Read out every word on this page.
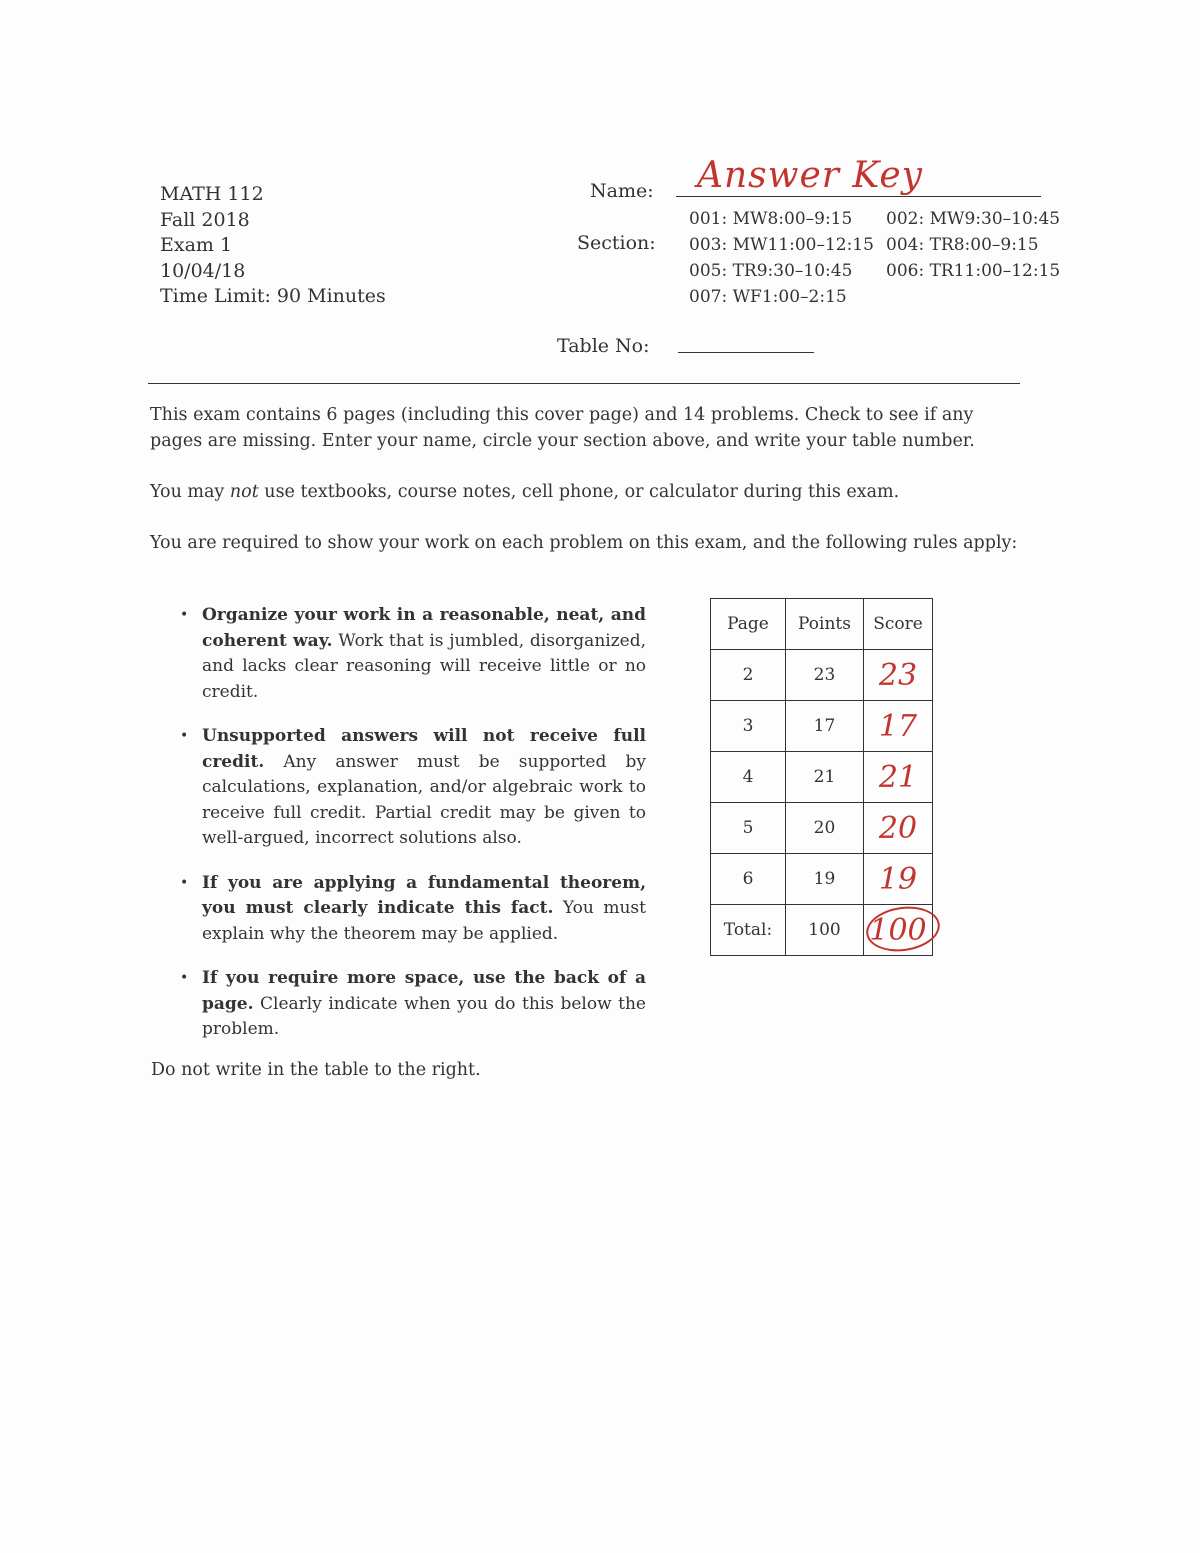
MATH 112
Fall 2018
Exam 1
10/04/18
Time Limit: 90 Minutes
Name: Answer Key
Section:
001: MW8:00–9:15 002: MW9:30–10:45
003: MW11:00–12:15 004: TR8:00–9:15
005: TR9:30–10:45 006: TR11:00–12:15
007: WF1:00–2:15
Table No:
This exam contains 6 pages (including this cover page) and 14 problems. Check to see if any pages are missing. Enter your name, circle your section above, and write your table number.
You may not use textbooks, course notes, cell phone, or calculator during this exam.
You are required to show your work on each problem on this exam, and the following rules apply:
• Organize your work in a reasonable, neat, and coherent way. Work that is jumbled, disorganized, and lacks clear reasoning will receive little or no credit.
• Unsupported answers will not receive full credit. Any answer must be supported by calculations, explanation, and/or algebraic work to receive full credit. Partial credit may be given to well-argued, incorrect solutions also.
• If you are applying a fundamental theorem, you must clearly indicate this fact. You must explain why the theorem may be applied.
• If you require more space, use the back of a page. Clearly indicate when you do this below the problem.
Do not write in the table to the right.
Page	Points	Score
2	23	23
3	17	17
4	21	21
5	20	20
6	19	19
Total:	100	100
